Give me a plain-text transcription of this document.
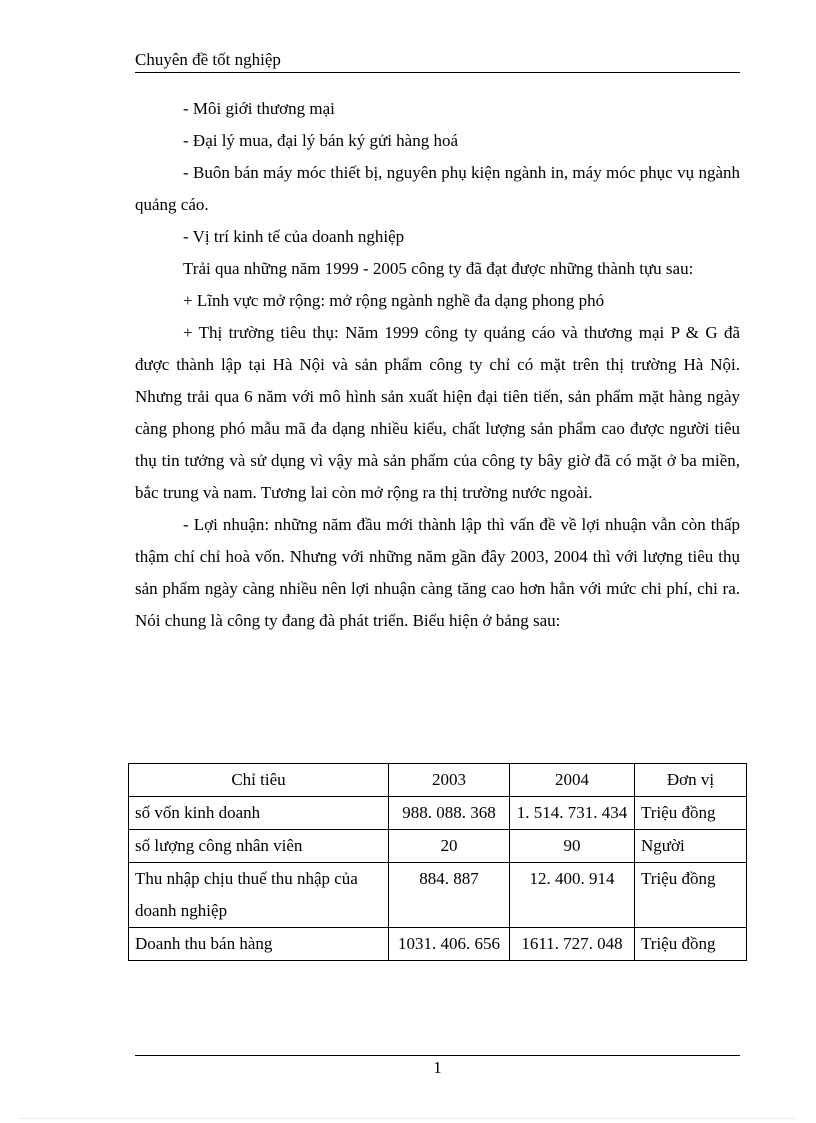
Chuyên đề tốt nghiệp

- Môi giới thương mại

- Đại lý mua, đại lý bán ký gửi hàng hoá

- Buôn bán máy móc thiết bị, nguyên phụ kiện ngành in, máy móc phục vụ ngành quảng cáo.

- Vị trí kinh tế của doanh nghiệp

Trải qua những năm 1999 - 2005 công ty đã đạt được những thành tựu sau:

+ Lĩnh vực mở rộng: mở rộng ngành nghề đa dạng phong phó

+ Thị trường tiêu thụ: Năm 1999 công ty quảng cáo và thương mại P & G đã được thành lập tại Hà Nội và sản phẩm công ty chỉ có mặt trên thị trường Hà Nội. Nhưng trải qua 6 năm với mô hình sản xuất hiện đại tiên tiến, sản phẩm mặt hàng ngày càng phong phó mẫu mã đa dạng nhiều kiểu, chất lượng sản phẩm cao được người tiêu thụ tin tưởng và sử dụng vì vậy mà sản phẩm của công ty bây giờ đã có mặt ở ba miền, bắc trung và nam. Tương lai còn mở rộng ra thị trường nước ngoài.

- Lợi nhuận: những năm đầu mới thành lập thì vấn đề về lợi nhuận vẫn còn thấp thậm chí chỉ hoà vốn. Nhưng với những năm gần đây 2003, 2004 thì với lượng tiêu thụ sản phẩm ngày càng nhiều nên lợi nhuận càng tăng cao hơn hẳn với mức chi phí, chi ra. Nói chung là công ty đang đà phát triển. Biểu hiện ở bảng sau:

Chỉ tiêu	2003	2004	Đơn vị
số vốn kinh doanh	988. 088. 368	1. 514. 731. 434	Triệu đồng
số lượng công nhân viên	20	90	Người
Thu nhập chịu thuế thu nhập của doanh nghiệp	884. 887	12. 400. 914	Triệu đồng
Doanh thu bán hàng	1031. 406. 656	1611. 727. 048	Triệu đồng
1
